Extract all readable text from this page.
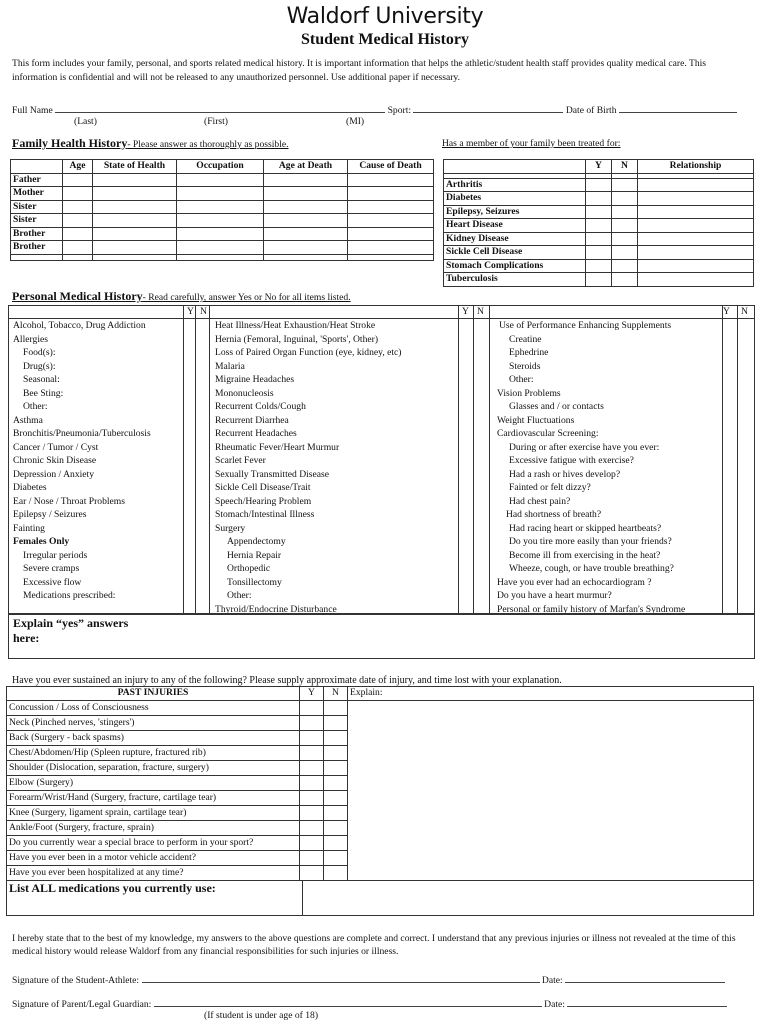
Waldorf University
Student Medical History
This form includes your family, personal, and sports related medical history. It is important information that helps the athletic/student health staff provides quality medical care. This information is confidential and will not be released to any unauthorized personnel. Use additional paper if necessary.
Full Name	Sport:	Date of Birth
(Last)	(First)	(MI)
Family Health History- Please answer as thoroughly as possible.	Has a member of your family been treated for:
	Age	State of Health	Occupation	Age at Death	Cause of Death
Father					
Mother					
Sister					
Sister					
Brother					
Brother					

	Y	N	Relationship

Arthritis			
Diabetes			
Epilepsy, Seizures			
Heart Disease			
Kidney Disease			
Sickle Cell Disease			
Stomach Complications			
Tuberculosis			
Personal Medical History- Read carefully, answer Yes or No for all items listed.
Y N	Y N	Y N
Alcohol, Tobacco, Drug Addiction
Allergies
Food(s):
Drug(s):
Seasonal:
Bee Sting:
Other:
Asthma
Bronchitis/Pneumonia/Tuberculosis
Cancer / Tumor / Cyst
Chronic Skin Disease
Depression / Anxiety
Diabetes
Ear / Nose / Throat Problems
Epilepsy / Seizures
Fainting
Females Only
Irregular periods
Severe cramps
Excessive flow
Medications prescribed:
Heat Illness/Heat Exhaustion/Heat Stroke
Hernia (Femoral, Inguinal, 'Sports', Other)
Loss of Paired Organ Function (eye, kidney, etc)
Malaria
Migraine Headaches
Mononucleosis
Recurrent Colds/Cough
Recurrent Diarrhea
Recurrent Headaches
Rheumatic Fever/Heart Murmur
Scarlet Fever
Sexually Transmitted Disease
Sickle Cell Disease/Trait
Speech/Hearing Problem
Stomach/Intestinal Illness
Surgery
Appendectomy
Hernia Repair
Orthopedic
Tonsillectomy
Other:
Thyroid/Endocrine Disturbance
Use of Performance Enhancing Supplements
Creatine
Ephedrine
Steroids
Other:
Vision Problems
Glasses and / or contacts
Weight Fluctuations
Cardiovascular Screening:
During or after exercise have you ever:
Excessive fatigue with exercise?
Had a rash or hives develop?
Fainted or felt dizzy?
Had chest pain?
Had shortness of breath?
Had racing heart or skipped heartbeats?
Do you tire more easily than your friends?
Become ill from exercising in the heat?
Wheeze, cough, or have trouble breathing?
Have you ever had an echocardiogram ?
Do you have a heart murmur?
Personal or family history of Marfan's Syndrome
Explain “yes” answers here:
Have you ever sustained an injury to any of the following? Please supply approximate date of injury, and time lost with your explanation.
PAST INJURIES	Y	N	Explain:
Concussion / Loss of Consciousness			
Neck (Pinched nerves, 'stingers')			
Back (Surgery - back spasms)			
Chest/Abdomen/Hip (Spleen rupture, fractured rib)			
Shoulder (Dislocation, separation, fracture, surgery)			
Elbow (Surgery)			
Forearm/Wrist/Hand (Surgery, fracture, cartilage tear)			
Knee (Surgery, ligament sprain, cartilage tear)			
Ankle/Foot (Surgery, fracture, sprain)			
Do you currently wear a special brace to perform in your sport?			
Have you ever been in a motor vehicle accident?			
Have you ever been hospitalized at any time?			
List ALL medications you currently use:			
I hereby state that to the best of my knowledge, my answers to the above questions are complete and correct. I understand that any previous injuries or illness not revealed at the time of this medical history would release Waldorf from any financial responsibilities for such injuries or illness.
Signature of the Student-Athlete:	Date:
Signature of Parent/Legal Guardian:	Date:
(If student is under age of 18)
